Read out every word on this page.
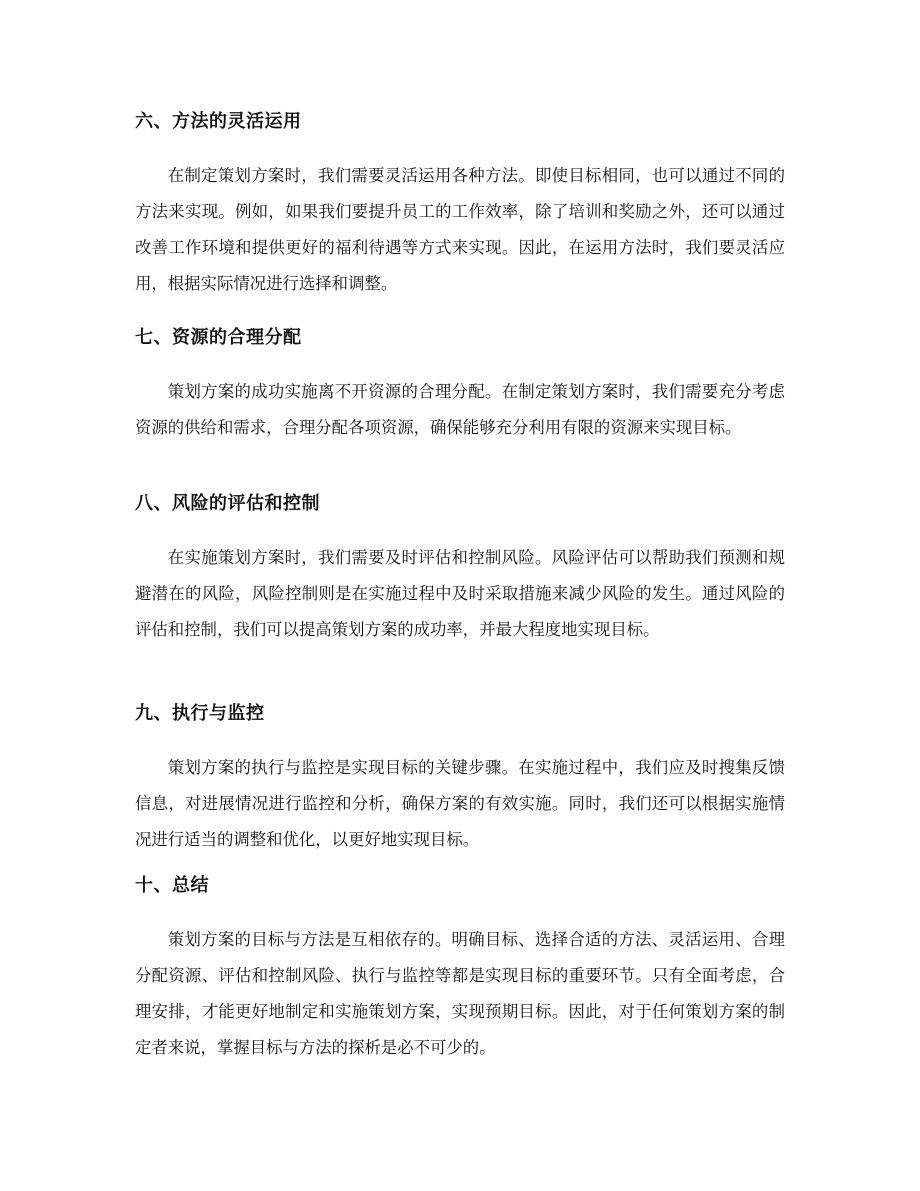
六、方法的灵活运用

在制定策划方案时，我们需要灵活运用各种方法。即使目标相同，也可以通过不同的方法来实现。例如，如果我们要提升员工的工作效率，除了培训和奖励之外，还可以通过改善工作环境和提供更好的福利待遇等方式来实现。因此，在运用方法时，我们要灵活应用，根据实际情况进行选择和调整。

七、资源的合理分配

策划方案的成功实施离不开资源的合理分配。在制定策划方案时，我们需要充分考虑资源的供给和需求，合理分配各项资源，确保能够充分利用有限的资源来实现目标。

八、风险的评估和控制

在实施策划方案时，我们需要及时评估和控制风险。风险评估可以帮助我们预测和规避潜在的风险，风险控制则是在实施过程中及时采取措施来减少风险的发生。通过风险的评估和控制，我们可以提高策划方案的成功率，并最大程度地实现目标。

九、执行与监控

策划方案的执行与监控是实现目标的关键步骤。在实施过程中，我们应及时搜集反馈信息，对进展情况进行监控和分析，确保方案的有效实施。同时，我们还可以根据实施情况进行适当的调整和优化，以更好地实现目标。

十、总结

策划方案的目标与方法是互相依存的。明确目标、选择合适的方法、灵活运用、合理分配资源、评估和控制风险、执行与监控等都是实现目标的重要环节。只有全面考虑，合理安排，才能更好地制定和实施策划方案，实现预期目标。因此，对于任何策划方案的制定者来说，掌握目标与方法的探析是必不可少的。
